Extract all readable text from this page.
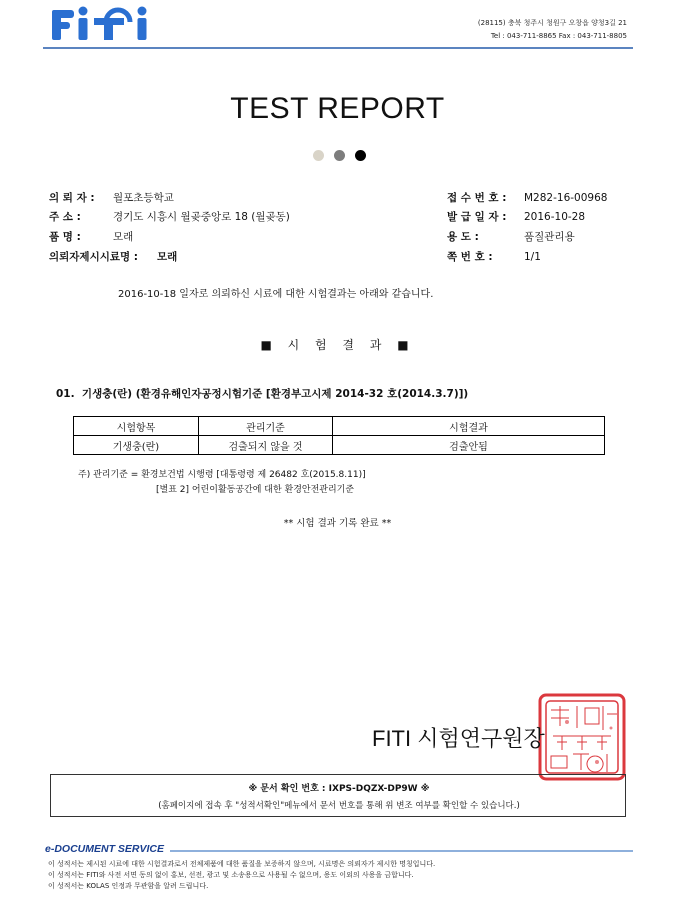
FITI
(28115) 충북 청주시 청원구 오창읍 양청3길 21
Tel : 043-711-8865 Fax : 043-711-8805
TEST REPORT
의 뢰 자 : 월포초등학교
주 소 :	경기도 시흥시 월곶중앙로 18 (월곶동)
품 명 :	모래
의뢰자제시시료명 : 모래
접 수 번 호 : M282-16-00968
발 급 일 자 : 2016-10-28
용 도 :	품질관리용
쪽 번 호 :	1/1
2016-10-18 일자로 의뢰하신 시료에 대한 시험결과는 아래와 같습니다.
■ 시 험 결 과 ■
01. 기생충(란) (환경유해인자공정시험기준 [환경부고시제 2014-32 호(2014.3.7)])
시험항목	관리기준	시험결과
기생충(란)	검출되지 않을 것	검출안됨
주) 관리기준 = 환경보건법 시행령 [대통령령 제 26482 호(2015.8.11)]
[별표 2] 어린이활동공간에 대한 환경안전관리기준
** 시험 결과 기록 완료 **
FITI 시험연구원장
※ 문서 확인 번호 : IXPS-DQZX-DP9W ※
(홈페이지에 접속 후 "성적서확인"메뉴에서 문서 번호를 통해 위 변조 여부를 확인할 수 있습니다.)
e-DOCUMENT SERVICE
이 성적서는 제시된 시료에 대한 시험결과로서 전체제품에 대한 품질을 보증하지 않으며, 시료명은 의뢰자가 제시한 명칭입니다.
이 성적서는 FITI와 사전 서면 동의 없이 홍보, 선전, 광고 및 소송용으로 사용될 수 없으며, 용도 이외의 사용을 금합니다.
이 성적서는 KOLAS 인정과 무관함을 알려 드립니다.
